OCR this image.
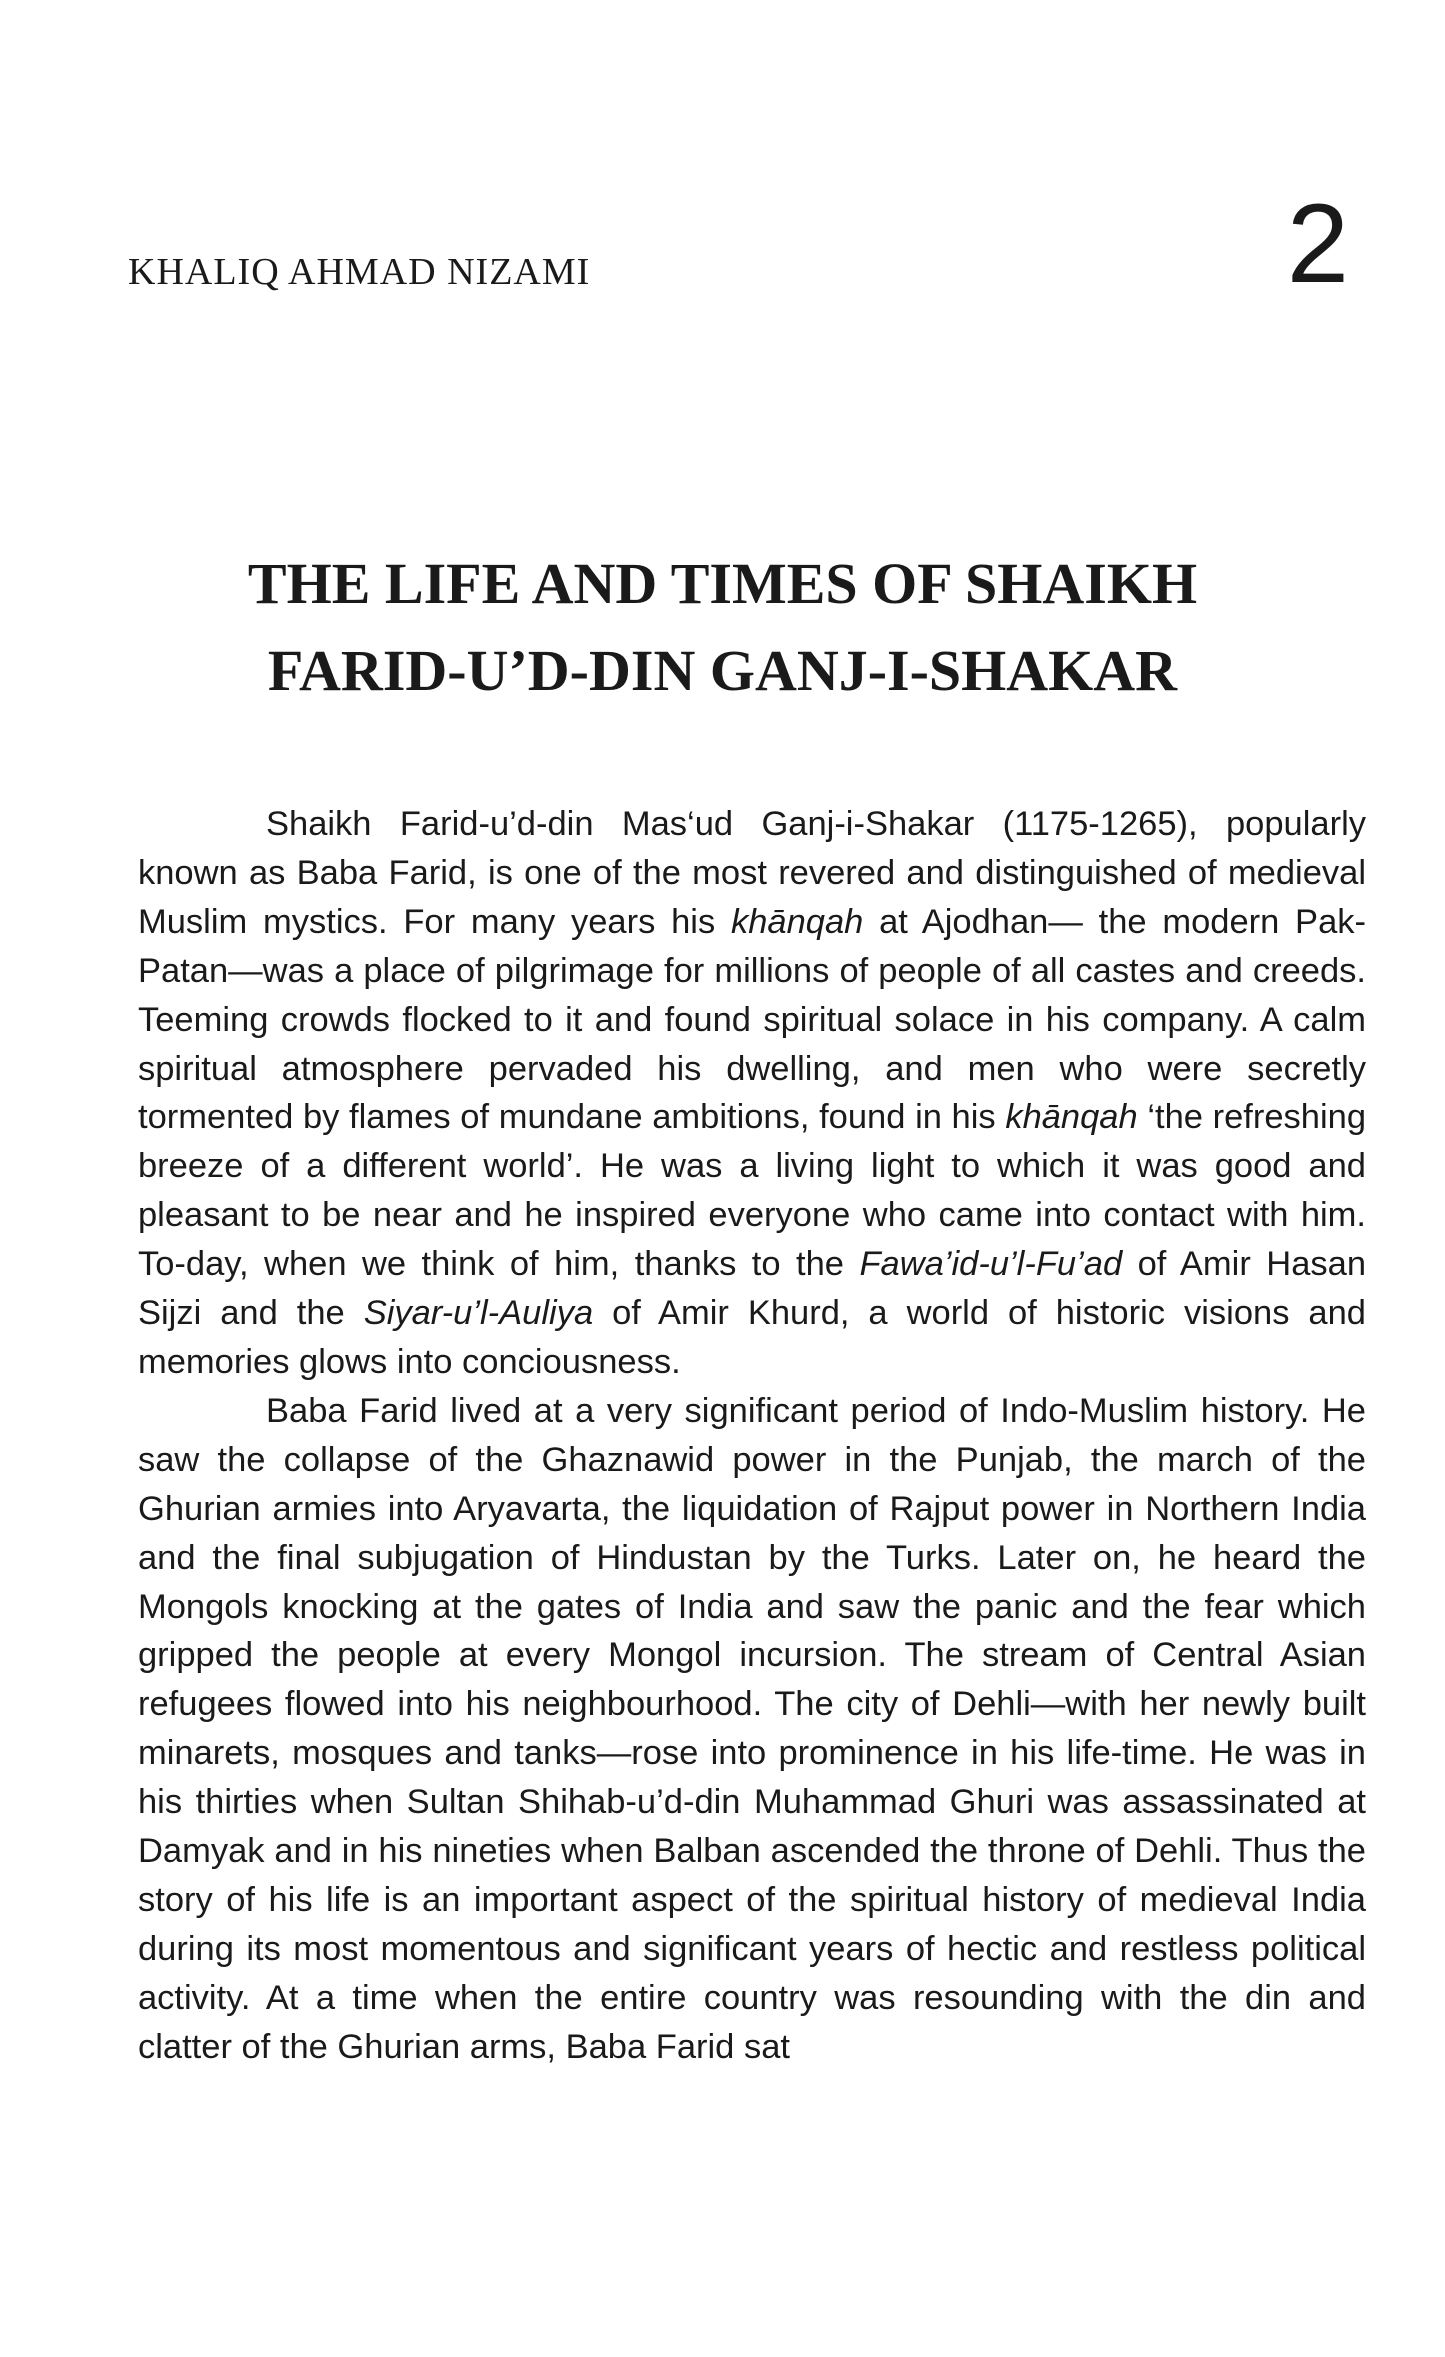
KHALIQ AHMAD NIZAMI	2
THE LIFE AND TIMES OF SHAIKH
FARID-U’D-DIN GANJ-I-SHAKAR

Shaikh Farid-u’d-din Mas‘ud Ganj-i-Shakar (1175-1265), popularly known as Baba Farid, is one of the most revered and distinguished of medieval Muslim mystics. For many years his khānqah at Ajodhan— the modern Pak-Patan—was a place of pilgrimage for millions of people of all castes and creeds. Teeming crowds flocked to it and found spiritual solace in his company. A calm spiritual atmosphere pervaded his dwelling, and men who were secretly tormented by flames of mundane ambitions, found in his khānqah ‘the refreshing breeze of a different world’. He was a living light to which it was good and pleasant to be near and he inspired everyone who came into contact with him. To-day, when we think of him, thanks to the Fawa’id-u’l-Fu’ad of Amir Hasan Sijzi and the Siyar-u’l-Auliya of Amir Khurd, a world of historic visions and memories glows into conciousness.

Baba Farid lived at a very significant period of Indo-Muslim history. He saw the collapse of the Ghaznawid power in the Punjab, the march of the Ghurian armies into Aryavarta, the liquidation of Rajput power in Northern India and the final subjugation of Hindustan by the Turks. Later on, he heard the Mongols knocking at the gates of India and saw the panic and the fear which gripped the people at every Mongol incursion. The stream of Central Asian refugees flowed into his neighbourhood. The city of Dehli—with her newly built minarets, mosques and tanks—rose into prominence in his life-time. He was in his thirties when Sultan Shihab-u’d-din Muhammad Ghuri was assassinated at Damyak and in his nineties when Balban ascended the throne of Dehli. Thus the story of his life is an important aspect of the spiritual history of medieval India during its most momentous and significant years of hectic and restless political activity. At a time when the entire country was resounding with the din and clatter of the Ghurian arms, Baba Farid sat
